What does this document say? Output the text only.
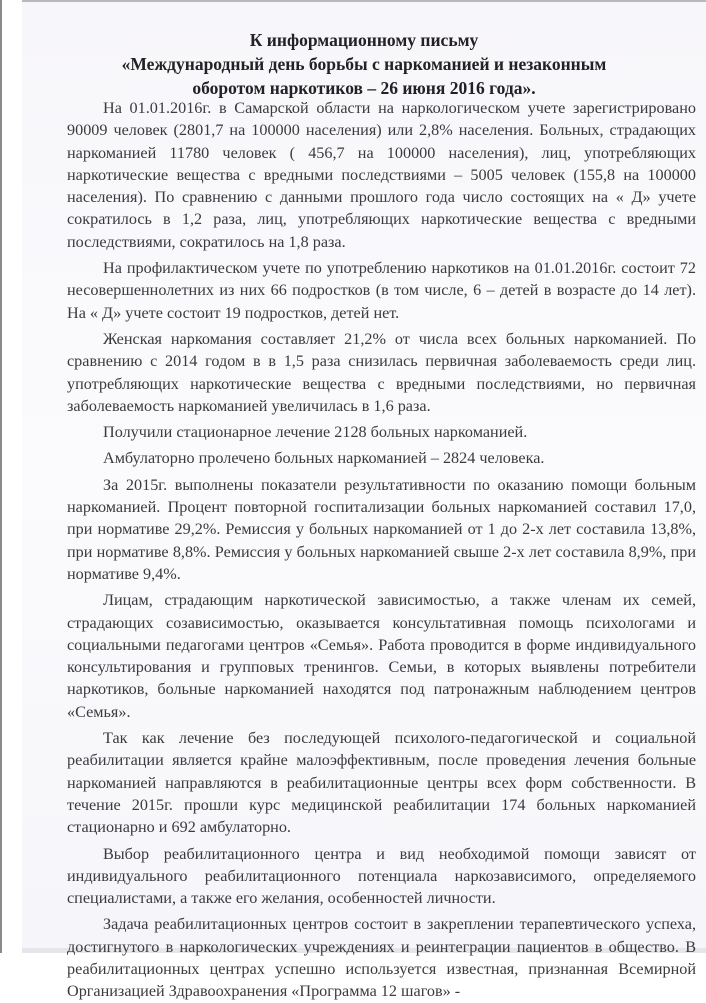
К информационному письму
«Международный день борьбы с наркоманией и незаконным
оборотом наркотиков – 26 июня 2016 года».

На 01.01.2016г. в Самарской области на наркологическом учете зарегистрировано 90009 человек (2801,7 на 100000 населения) или 2,8% населения. Больных, страдающих наркоманией 11780 человек ( 456,7 на 100000 населения), лиц, употребляющих наркотические вещества с вредными последствиями – 5005 человек (155,8 на 100000 населения). По сравнению с данными прошлого года число состоящих на « Д» учете сократилось в 1,2 раза, лиц, употребляющих наркотические вещества с вредными последствиями, сократилось на 1,8 раза.

На профилактическом учете по употреблению наркотиков на 01.01.2016г. состоит 72 несовершеннолетних из них 66 подростков (в том числе, 6 – детей в возрасте до 14 лет). На « Д» учете состоит 19 подростков, детей нет.

Женская наркомания составляет 21,2% от числа всех больных наркоманией. По сравнению с 2014 годом в в 1,5 раза снизилась первичная заболеваемость среди лиц. употребляющих наркотические вещества с вредными последствиями, но первичная заболеваемость наркоманией увеличилась в 1,6 раза.

Получили стационарное лечение 2128 больных наркоманией.

Амбулаторно пролечено больных наркоманией – 2824 человека.

За 2015г. выполнены показатели результативности по оказанию помощи больным наркоманией. Процент повторной госпитализации больных наркоманией составил 17,0, при нормативе 29,2%. Ремиссия у больных наркоманией от 1 до 2-х лет составила 13,8%, при нормативе 8,8%. Ремиссия у больных наркоманией свыше 2-х лет составила 8,9%, при нормативе 9,4%.

Лицам, страдающим наркотической зависимостью, а также членам их семей, страдающих созависимостью, оказывается консультативная помощь психологами и социальными педагогами центров «Семья». Работа проводится в форме индивидуального консультирования и групповых тренингов. Семьи, в которых выявлены потребители наркотиков, больные наркоманией находятся под патронажным наблюдением центров «Семья».

Так как лечение без последующей психолого-педагогической и социальной реабилитации является крайне малоэффективным, после проведения лечения больные наркоманией направляются в реабилитационные центры всех форм собственности. В течение 2015г. прошли курс медицинской реабилитации 174 больных наркоманией стационарно и 692 амбулаторно.

Выбор реабилитационного центра и вид необходимой помощи зависят от индивидуального реабилитационного потенциала наркозависимого, определяемого специалистами, а также его желания, особенностей личности.

Задача реабилитационных центров состоит в закреплении терапевтического успеха, достигнутого в наркологических учреждениях и реинтеграции пациентов в общество. В реабилитационных центрах успешно используется известная, признанная Всемирной Организацией Здравоохранения «Программа 12 шагов» -
